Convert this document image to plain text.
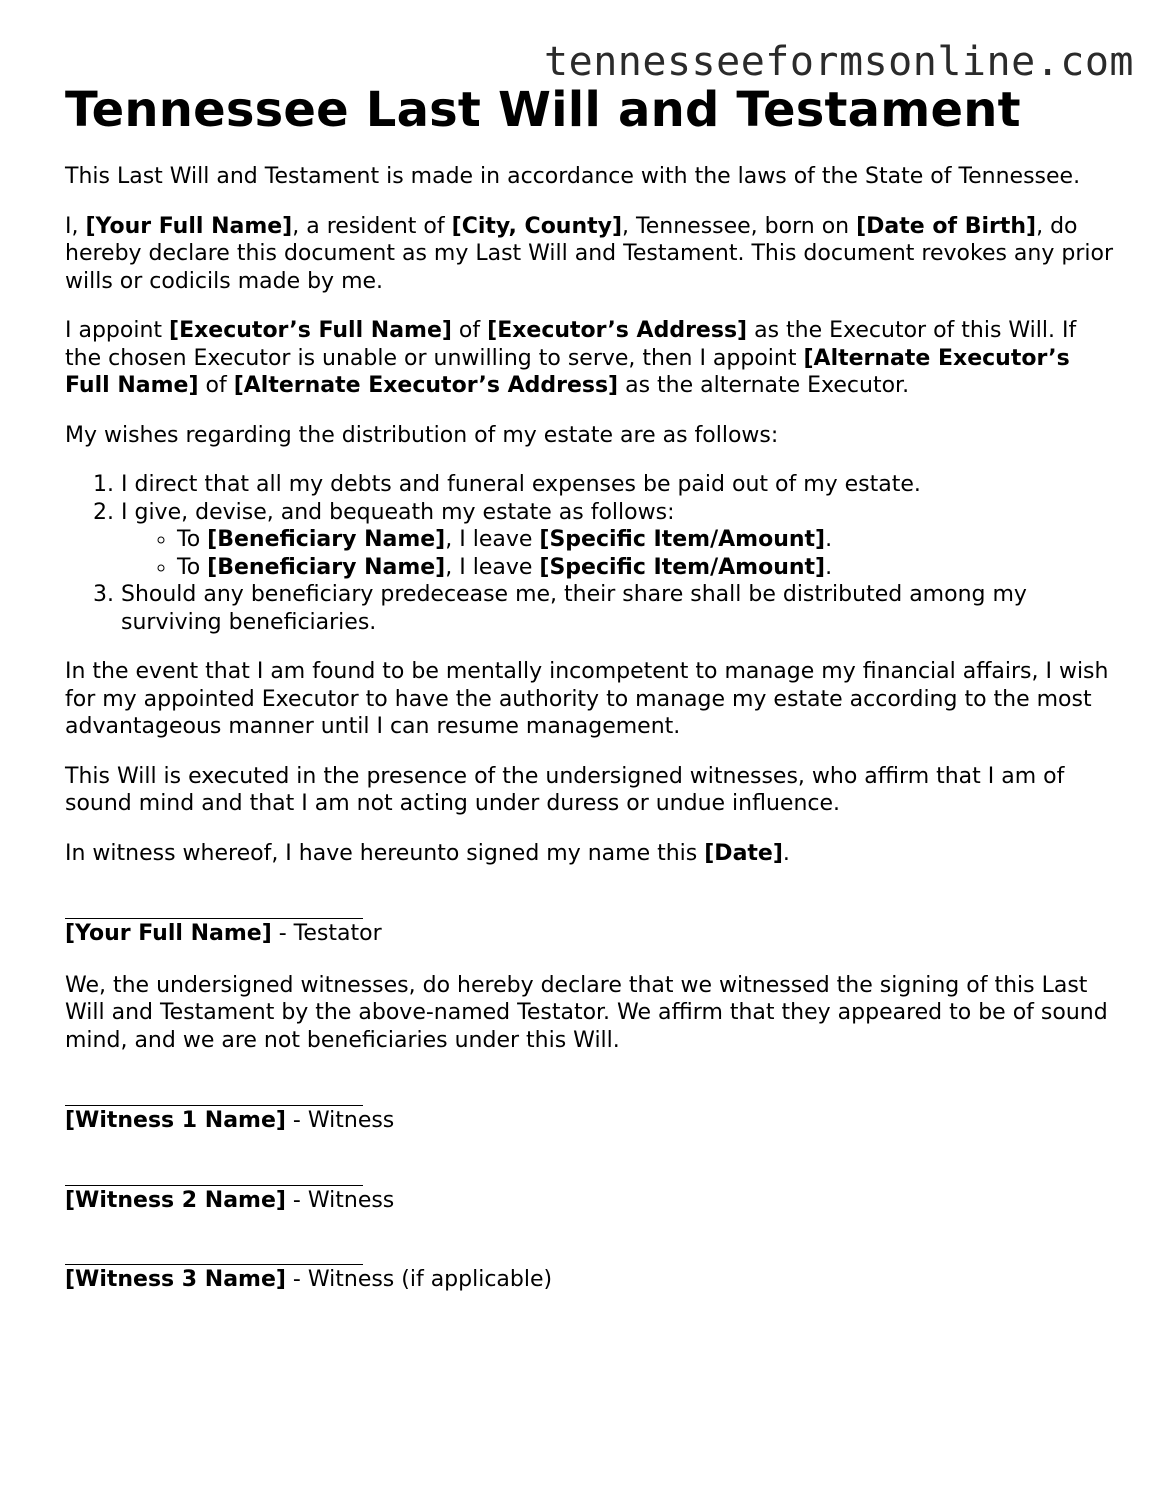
tennesseeformsonline.com
Tennessee Last Will and Testament

This Last Will and Testament is made in accordance with the laws of the State of Tennessee.

I, [Your Full Name], a resident of [City, County], Tennessee, born on [Date of Birth], do hereby declare this document as my Last Will and Testament. This document revokes any prior wills or codicils made by me.

I appoint [Executor’s Full Name] of [Executor’s Address] as the Executor of this Will. If the chosen Executor is unable or unwilling to serve, then I appoint [Alternate Executor’s Full Name] of [Alternate Executor’s Address] as the alternate Executor.

My wishes regarding the distribution of my estate are as follows:

1. I direct that all my debts and funeral expenses be paid out of my estate.
2. I give, devise, and bequeath my estate as follows:
◦ To [Beneficiary Name], I leave [Specific Item/Amount].
◦ To [Beneficiary Name], I leave [Specific Item/Amount].
3. Should any beneficiary predecease me, their share shall be distributed among my surviving beneficiaries.

In the event that I am found to be mentally incompetent to manage my financial affairs, I wish for my appointed Executor to have the authority to manage my estate according to the most advantageous manner until I can resume management.

This Will is executed in the presence of the undersigned witnesses, who affirm that I am of sound mind and that I am not acting under duress or undue influence.

In witness whereof, I have hereunto signed my name this [Date].

[Your Full Name] - Testator

We, the undersigned witnesses, do hereby declare that we witnessed the signing of this Last Will and Testament by the above-named Testator. We affirm that they appeared to be of sound mind, and we are not beneficiaries under this Will.

[Witness 1 Name] - Witness
[Witness 2 Name] - Witness
[Witness 3 Name] - Witness (if applicable)
